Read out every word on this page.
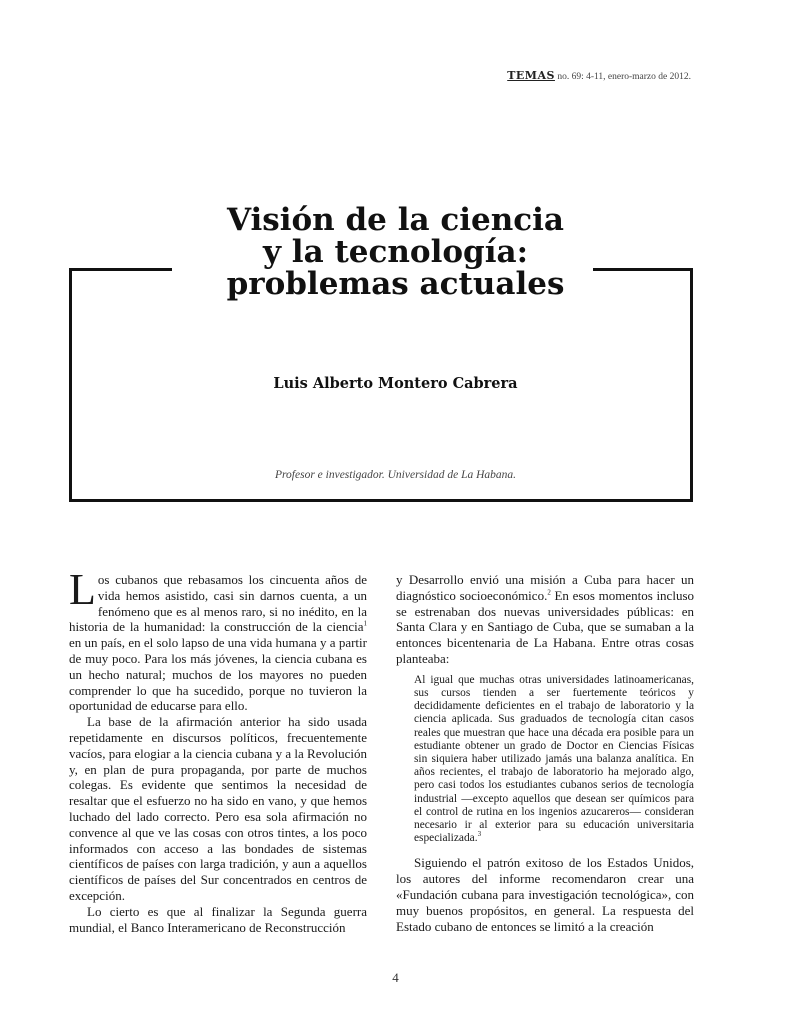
TEMAS no. 69: 4-11, enero-marzo de 2012.
Visión de la ciencia
y la tecnología:
problemas actuales
Luis Alberto Montero Cabrera
Profesor e investigador. Universidad de La Habana.

Los cubanos que rebasamos los cincuenta años de vida hemos asistido, casi sin darnos cuenta, a un fenómeno que es al menos raro, si no inédito, en la historia de la humanidad: la construcción de la ciencia$^1$ en un país, en el solo lapso de una vida humana y a partir de muy poco. Para los más jóvenes, la ciencia cubana es un hecho natural; muchos de los mayores no pueden comprender lo que ha sucedido, porque no tuvieron la oportunidad de educarse para ello.

La base de la afirmación anterior ha sido usada repetidamente en discursos políticos, frecuentemente vacíos, para elogiar a la ciencia cubana y a la Revolución y, en plan de pura propaganda, por parte de muchos colegas. Es evidente que sentimos la necesidad de resaltar que el esfuerzo no ha sido en vano, y que hemos luchado del lado correcto. Pero esa sola afirmación no convence al que ve las cosas con otros tintes, a los poco informados con acceso a las bondades de sistemas científicos de países con larga tradición, y aun a aquellos científicos de países del Sur concentrados en centros de excepción.

Lo cierto es que al finalizar la Segunda guerra mundial, el Banco Interamericano de Reconstrucción

y Desarrollo envió una misión a Cuba para hacer un diagnóstico socioeconómico.$^2$ En esos momentos incluso se estrenaban dos nuevas universidades públicas: en Santa Clara y en Santiago de Cuba, que se sumaban a la entonces bicentenaria de La Habana. Entre otras cosas planteaba:

Al igual que muchas otras universidades latinoamericanas, sus cursos tienden a ser fuertemente teóricos y decididamente deficientes en el trabajo de laboratorio y la ciencia aplicada. Sus graduados de tecnología citan casos reales que muestran que hace una década era posible para un estudiante obtener un grado de Doctor en Ciencias Físicas sin siquiera haber utilizado jamás una balanza analítica. En años recientes, el trabajo de laboratorio ha mejorado algo, pero casi todos los estudiantes cubanos serios de tecnología industrial —excepto aquellos que desean ser químicos para el control de rutina en los ingenios azucareros— consideran necesario ir al exterior para su educación universitaria especializada.$^3$

Siguiendo el patrón exitoso de los Estados Unidos, los autores del informe recomendaron crear una «Fundación cubana para investigación tecnológica», con muy buenos propósitos, en general. La respuesta del Estado cubano de entonces se limitó a la creación

4
